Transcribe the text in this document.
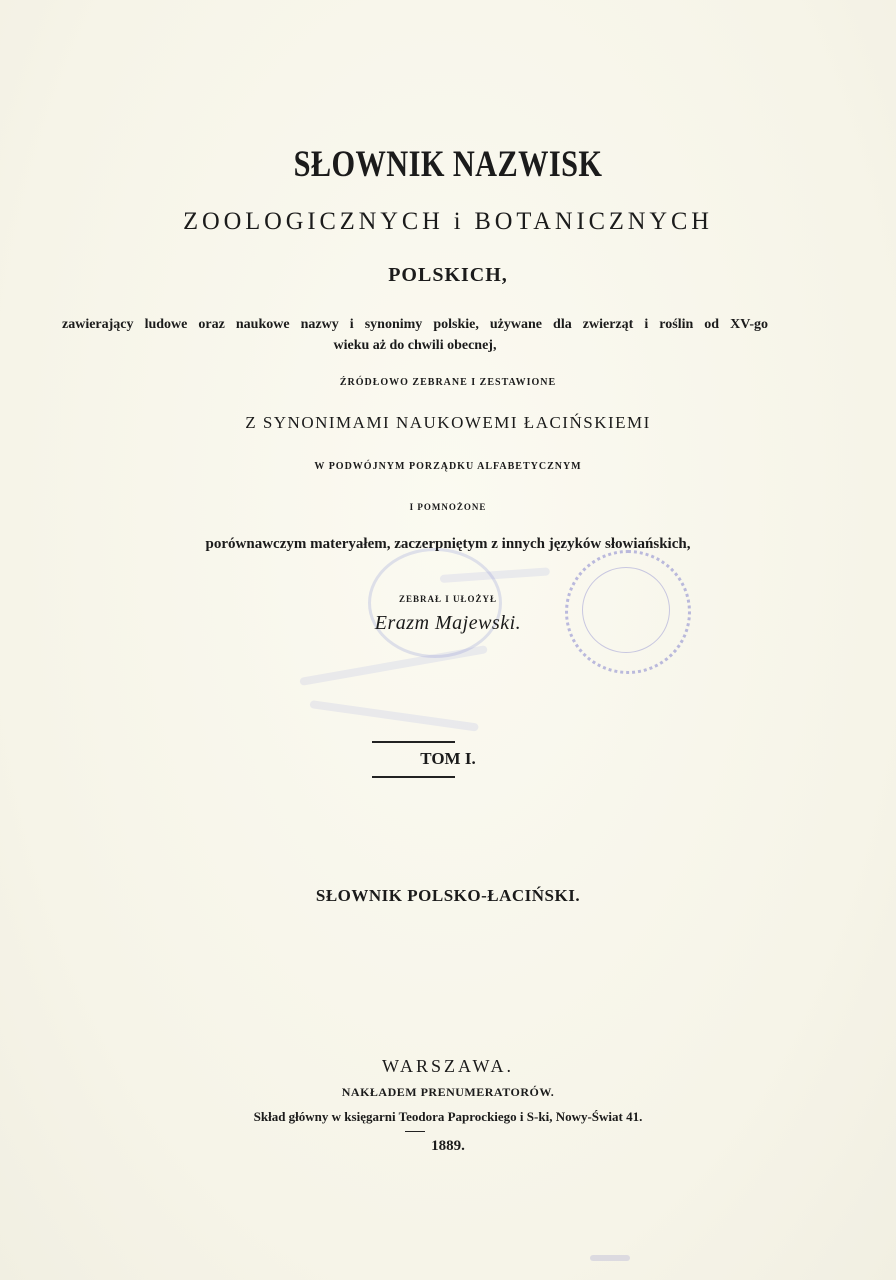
SŁOWNIK NAZWISK
ZOOLOGICZNYCH i BOTANICZNYCH
POLSKICH,
zawierający ludowe oraz naukowe nazwy i synonimy polskie, używane dla zwierząt i roślin od XV-go
wieku aż do chwili obecnej,
ŹRÓDŁOWO ZEBRANE I ZESTAWIONE
Z SYNONIMAMI NAUKOWEMI ŁACIŃSKIEMI
W PODWÓJNYM PORZĄDKU ALFABETYCZNYM
I POMNOŻONE
porównawczym materyałem, zaczerpniętym z innych języków słowiańskich,
ZEBRAŁ I UŁOŻYŁ
Erazm Majewski.
TOM I.
SŁOWNIK POLSKO-ŁACIŃSKI.
WARSZAWA.
NAKŁADEM PRENUMERATORÓW.
Skład główny w księgarni Teodora Paprockiego i S-ki, Nowy-Świat 41.
1889.
